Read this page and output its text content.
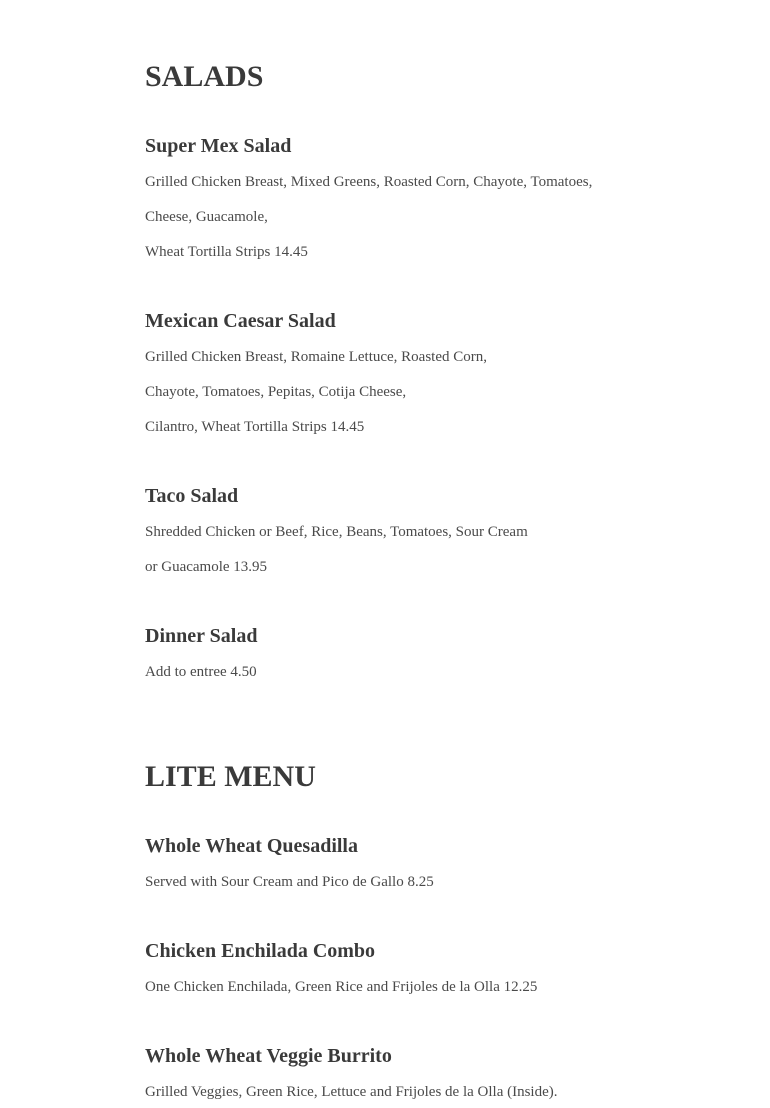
SALADS
Super Mex Salad

Grilled Chicken Breast, Mixed Greens, Roasted Corn, Chayote, Tomatoes,

Cheese, Guacamole,

Wheat Tortilla Strips 14.45

Mexican Caesar Salad

Grilled Chicken Breast, Romaine Lettuce, Roasted Corn,

Chayote, Tomatoes, Pepitas, Cotija Cheese,

Cilantro, Wheat Tortilla Strips 14.45

Taco Salad

Shredded Chicken or Beef, Rice, Beans, Tomatoes, Sour Cream

or Guacamole 13.95

Dinner Salad

Add to entree 4.50

LITE MENU
Whole Wheat Quesadilla

Served with Sour Cream and Pico de Gallo 8.25

Chicken Enchilada Combo

One Chicken Enchilada, Green Rice and Frijoles de la Olla 12.25

Whole Wheat Veggie Burrito

Grilled Veggies, Green Rice, Lettuce and Frijoles de la Olla (Inside).
